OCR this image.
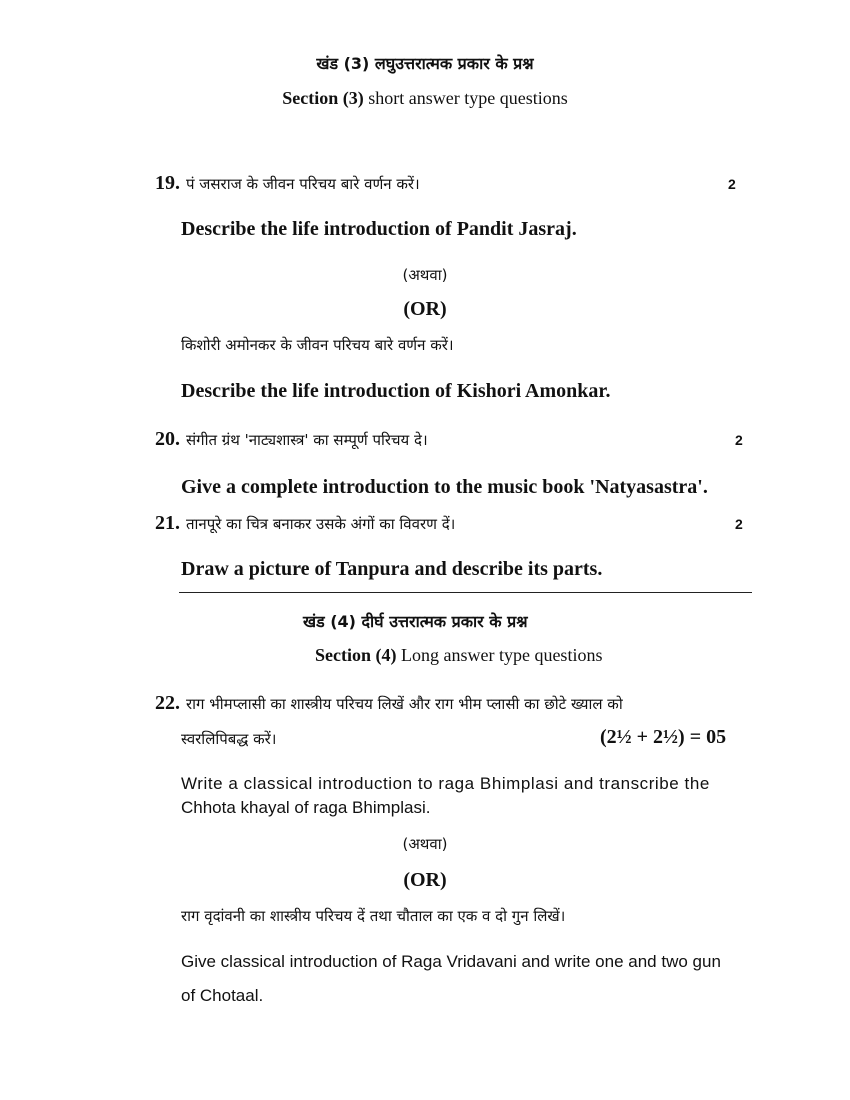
खंड (3) लघुउत्तरात्मक प्रकार के प्रश्न
Section (3) short answer type questions
19. पं जसराज के जीवन परिचय बारे वर्णन करें।	2
Describe the life introduction of Pandit Jasraj.
(अथवा)
(OR)
किशोरी अमोनकर के जीवन परिचय बारे वर्णन करें।
Describe the life introduction of Kishori Amonkar.
20. संगीत ग्रंथ 'नाट्यशास्त्र' का सम्पूर्ण परिचय दे।	2
Give a complete introduction to the music book 'Natyasastra'.
21. तानपूरे का चित्र बनाकर उसके अंगों का विवरण दें।	2
Draw a picture of Tanpura and describe its parts.
खंड (4) दीर्घ उत्तरात्मक प्रकार के प्रश्न
Section (4) Long answer type questions
22. राग भीमप्लासी का शास्त्रीय परिचय लिखें और राग भीम प्लासी का छोटे ख्याल को
स्वरलिपिबद्ध करें।	(2½ + 2½) = 05
Write a classical introduction to raga Bhimplasi and transcribe the
Chhota khayal of raga Bhimplasi.
(अथवा)
(OR)
राग वृदांवनी का शास्त्रीय परिचय दें तथा चौताल का एक व दो गुन लिखें।
Give classical introduction of Raga Vridavani and write one and two gun
of Chotaal.
